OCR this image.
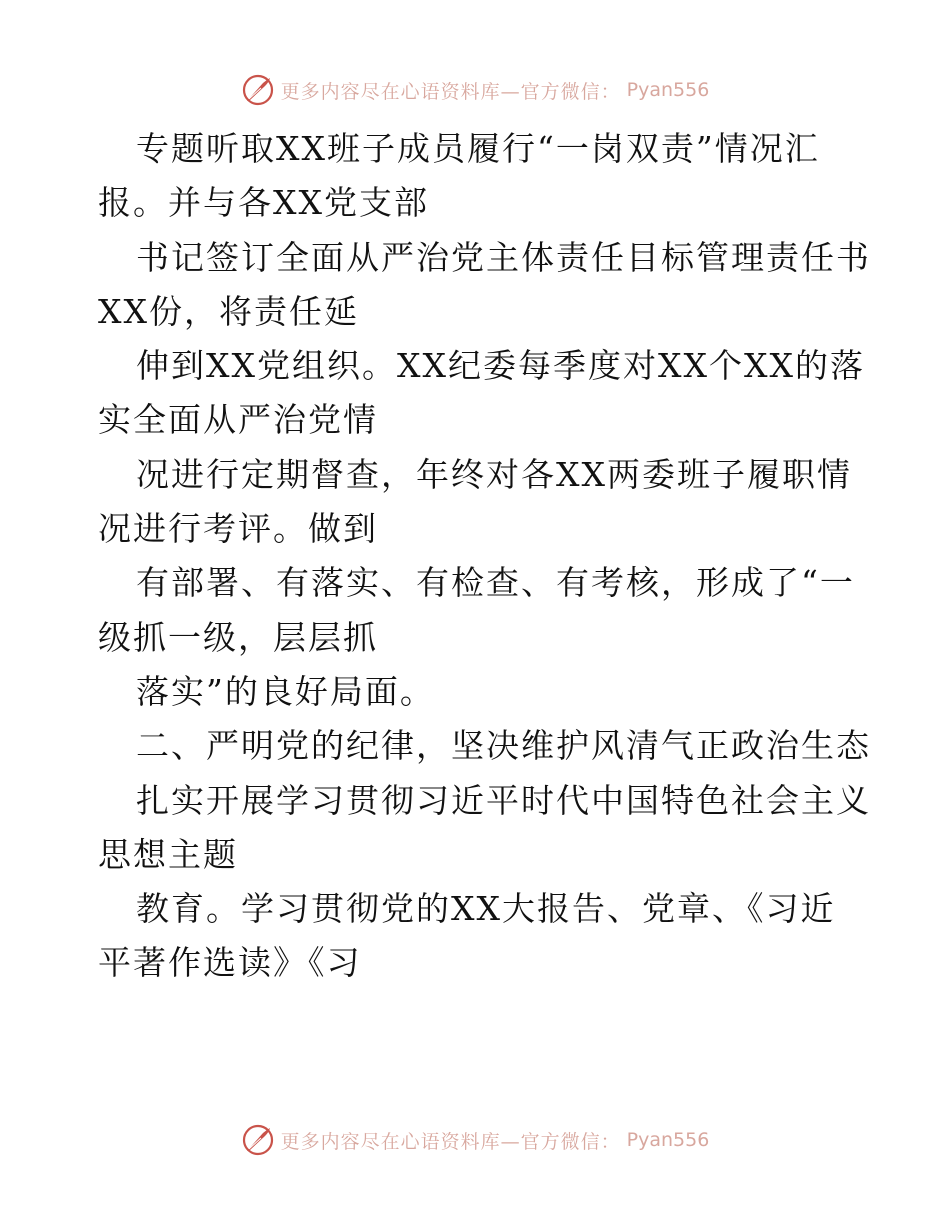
更多内容尽在心语资料库—官方微信： Pyan556
专题听取XX班子成员履行“一岗双责”情况汇
报。并与各XX党支部
书记签订全面从严治党主体责任目标管理责任书
XX份，将责任延
伸到XX党组织。XX纪委每季度对XX个XX的落
实全面从严治党情
况进行定期督查，年终对各XX两委班子履职情
况进行考评。做到
有部署、有落实、有检查、有考核，形成了“一
级抓一级，层层抓
落实”的良好局面。
二、严明党的纪律，坚决维护风清气正政治生态
扎实开展学习贯彻习近平时代中国特色社会主义
思想主题
教育。学习贯彻党的XX大报告、党章、《习近
平著作选读》《习
更多内容尽在心语资料库—官方微信： Pyan556
